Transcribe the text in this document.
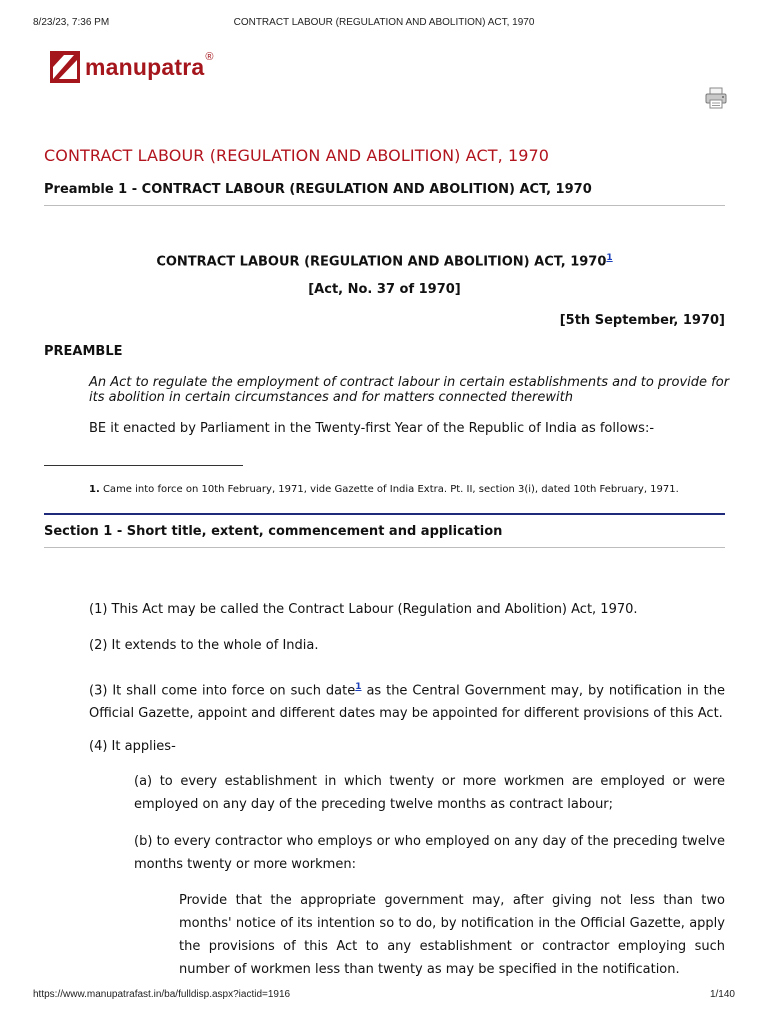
8/23/23, 7:36 PM	CONTRACT LABOUR (REGULATION AND ABOLITION) ACT, 1970
manupatra ®
CONTRACT LABOUR (REGULATION AND ABOLITION) ACT, 1970
Preamble 1 - CONTRACT LABOUR (REGULATION AND ABOLITION) ACT, 1970

CONTRACT LABOUR (REGULATION AND ABOLITION) ACT, 1970$^1$

[Act, No. 37 of 1970]

[5th September, 1970]

PREAMBLE

An Act to regulate the employment of contract labour in certain establishments and to provide for

its abolition in certain circumstances and for matters connected therewith

BE it enacted by Parliament in the Twenty-first Year of the Republic of India as follows:-

1. Came into force on 10th February, 1971, vide Gazette of India Extra. Pt. II, section 3(i), dated 10th February, 1971.

Section 1 - Short title, extent, commencement and application

(1) This Act may be called the Contract Labour (Regulation and Abolition) Act, 1970.

(2) It extends to the whole of India.

(3) It shall come into force on such date$^1$ as the Central Government may, by notification in the Official Gazette, appoint and different dates may be appointed for different provisions of this Act.

(4) It applies-

(a) to every establishment in which twenty or more workmen are employed or were employed on any day of the preceding twelve months as contract labour;

(b) to every contractor who employs or who employed on any day of the preceding twelve months twenty or more workmen:

Provide that the appropriate government may, after giving not less than two months' notice of its intention so to do, by notification in the Official Gazette, apply the provisions of this Act to any establishment or contractor employing such number of workmen less than twenty as may be specified in the notification.

https://www.manupatrafast.in/ba/fulldisp.aspx?iactid=1916	1/140
